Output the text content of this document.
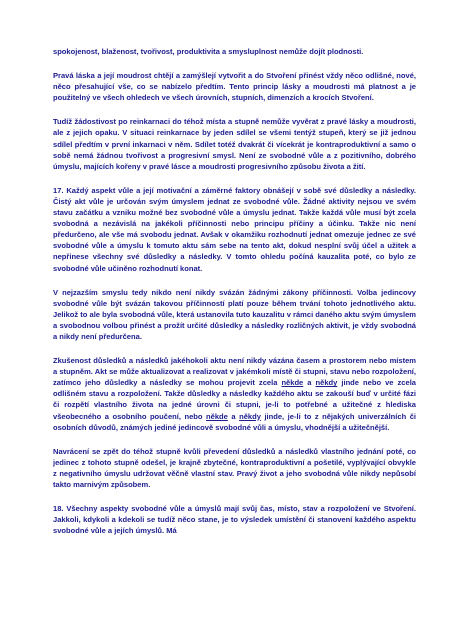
spokojenost, blaženost, tvořivost, produktivita a smysluplnost nemůže dojít plodnosti.

Pravá láska a její moudrost chtějí a zamýšlejí vytvořit a do Stvoření přinést vždy něco odlišné, nové, něco přesahující vše, co se nabízelo předtím. Tento princip lásky a moudrosti má platnost a je použitelný ve všech ohledech ve všech úrovních, stupních, dimenzích a krocích Stvoření.

Tudíž žádostivost po reinkarnaci do téhož místa a stupně nemůže vyvěrat z pravé lásky a moudrosti, ale z jejich opaku. V situaci reinkarnace by jeden sdílel se všemi tentýž stupeň, který se již jednou sdílel předtím v první inkarnaci v něm. Sdílet totéž dvakrát či vícekrát je kontraproduktivní a samo o sobě nemá žádnou tvořivost a progresivní smysl. Není ze svobodné vůle a z pozitivního, dobrého úmyslu, majících kořeny v pravé lásce a moudrosti progresivního způsobu života a žití.

17. Každý aspekt vůle a její motivační a záměrné faktory obnášejí v sobě své důsledky a následky. Čistý akt vůle je určován svým úmyslem jednat ze svobodné vůle. Žádné aktivity nejsou ve svém stavu začátku a vzniku možné bez svobodné vůle a úmyslu jednat. Takže každá vůle musí být zcela svobodná a nezávislá na jakékoli příčinnosti nebo principu příčiny a účinku. Takže nic není předurčeno, ale vše má svobodu jednat. Avšak v okamžiku rozhodnutí jednat omezuje jednec ze své svobodné vůle a úmyslu k tomuto aktu sám sebe na tento akt, dokud nesplní svůj účel a užitek a nepřinese všechny své důsledky a následky. V tomto ohledu počíná kauzalita poté, co bylo ze svobodné vůle učiněno rozhodnutí konat.

V nejzazším smyslu tedy nikdo není nikdy svázán žádnými zákony příčinnosti. Volba jedincovy svobodné vůle být svázán takovou příčinností platí pouze během trvání tohoto jednotlivého aktu. Jelikož to ale byla svobodná vůle, která ustanovila tuto kauzalitu v rámci daného aktu svým úmyslem a svobodnou volbou přinést a prožít určité důsledky a následky rozličných aktivit, je vždy svobodná a nikdy není předurčena.

Zkušenost důsledků a následků jakéhokoli aktu není nikdy vázána časem a prostorem nebo místem a stupněm. Akt se může aktualizovat a realizovat v jakémkoli místě či stupni, stavu nebo rozpoložení, zatímco jeho důsledky a následky se mohou projevit zcela někde a někdy jinde nebo ve zcela odlišném stavu a rozpoložení. Takže důsledky a následky každého aktu se zakouší buď v určité fázi či rozpětí vlastního života na jedné úrovni či stupni, je-li to potřebné a užitečné z hlediska všeobecného a osobního poučení, nebo někde a někdy jinde, je-li to z nějakých univerzálních či osobních důvodů, známých jediné jedincově svobodné vůli a úmyslu, vhodnější a užitečnější.

Navrácení se zpět do téhož stupně kvůli převedení důsledků a následků vlastního jednání poté, co jedinec z tohoto stupně odešel, je krajně zbytečné, kontraproduktivní a pošetilé, vyplývající obvykle z negativního úmyslu udržovat věčně vlastní stav. Pravý život a jeho svobodná vůle nikdy nepůsobí takto marnivým způsobem.

18. Všechny aspekty svobodné vůle a úmyslů mají svůj čas, místo, stav a rozpoložení ve Stvoření. Jakkoli, kdykoli a kdekoli se tudíž něco stane, je to výsledek umístění či stanovení každého aspektu svobodné vůle a jejích úmyslů. Má
